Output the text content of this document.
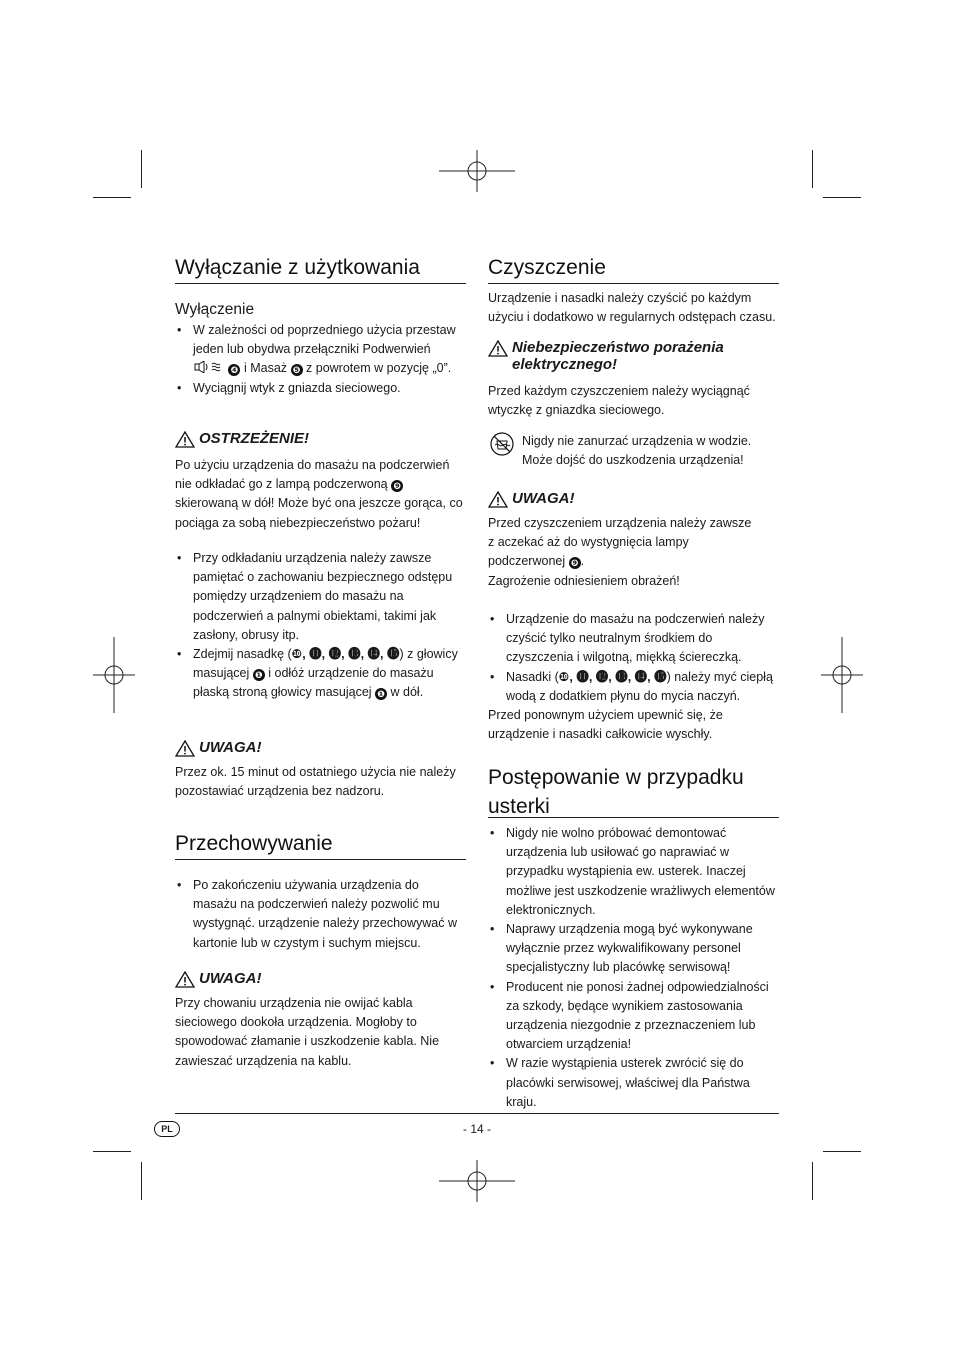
Wyłączanie z użytkowania
Wyłączenie
• W zależności od poprzedniego użycia przestaw jeden lub obydwa przełączniki Podwerwień  ❹ i Masaż ❺ z powrotem w pozycję „0”.
• Wyciągnij wtyk z gniazda sieciowego.
OSTRZEŻENIE!

Po użyciu urządzenia do masażu na podczerwień nie odkładać go z lampą podczerwoną ❾ skierowaną w dół! Może być ona jeszcze gorąca, co pociąga za sobą niebezpieczeństwo pożaru!

• Przy odkładaniu urządzenia należy zawsze pamiętać o zachowaniu bezpiecznego odstępu pomiędzy urządzeniem do masażu na podczerwień a palnymi obiektami, takimi jak zasłony, obrusy itp.
• Zdejmij nasadkę (❿, ⓫, ⓬, ⓭, ⓮, ⓯) z głowicy masującej ❶ i odłóż urządzenie do masażu płaską stroną głowicy masującej ❶ w dół.
UWAGA!

Przez ok. 15 minut od ostatniego użycia nie należy pozostawiać urządzenia bez nadzoru.

Przechowywanie
• Po zakończeniu używania urządzenia do masażu na podczerwień należy pozwolić mu wystygnąć. urządzenie należy przechowywać w kartonie lub w czystym i suchym miejscu.
UWAGA!

Przy chowaniu urządzenia nie owijać kabla sieciowego dookoła urządzenia. Mogłoby to spowodować złamanie i uszkodzenie kabla. Nie zawieszać urządzenia na kablu.

Czyszczenie

Urządzenie i nasadki należy czyścić po każdym użyciu i dodatkowo w regularnych odstępach czasu.

Niebezpieczeństwo porażenia elektrycznego!

Przed każdym czyszczeniem należy wyciągnąć wtyczkę z gniazdka sieciowego.

Nigdy nie zanurzać urządzenia w wodzie. Może dojść do uszkodzenia urządzenia!

UWAGA!

Przed czyszczeniem urządzenia należy zawsze z aczekać aż do wystygnięcia lampy podczerwonej ❾ .
Zagrożenie odniesieniem obrażeń!

• Urządzenie do masażu na podczerwień należy czyścić tylko neutralnym środkiem do czyszczenia i wilgotną, miękką ściereczką.
• Nasadki (❿, ⓫, ⓬, ⓭, ⓮, ⓯) należy myć ciepłą wodą z dodatkiem płynu do mycia naczyń.

Przed ponownym użyciem upewnić się, że urządzenie i nasadki całkowicie wyschły.

Postępowanie w przypadku usterki
• Nigdy nie wolno próbować demontować urządzenia lub usiłować go naprawiać w przypadku wystąpienia ew. usterek. Inaczej możliwe jest uszkodzenie wrażliwych elementów elektronicznych.
• Naprawy urządzenia mogą być wykonywane wyłącznie przez wykwalifikowany personel specjalistyczny lub placówkę serwisową!
• Producent nie ponosi żadnej odpowiedzialności za szkody, będące wynikiem zastosowania urządzenia niezgodnie z przeznaczeniem lub otwarciem urządzenia!
• W razie wystąpienia usterek zwrócić się do placówki serwisowej, właściwej dla Państwa kraju.
PL	- 14 -
